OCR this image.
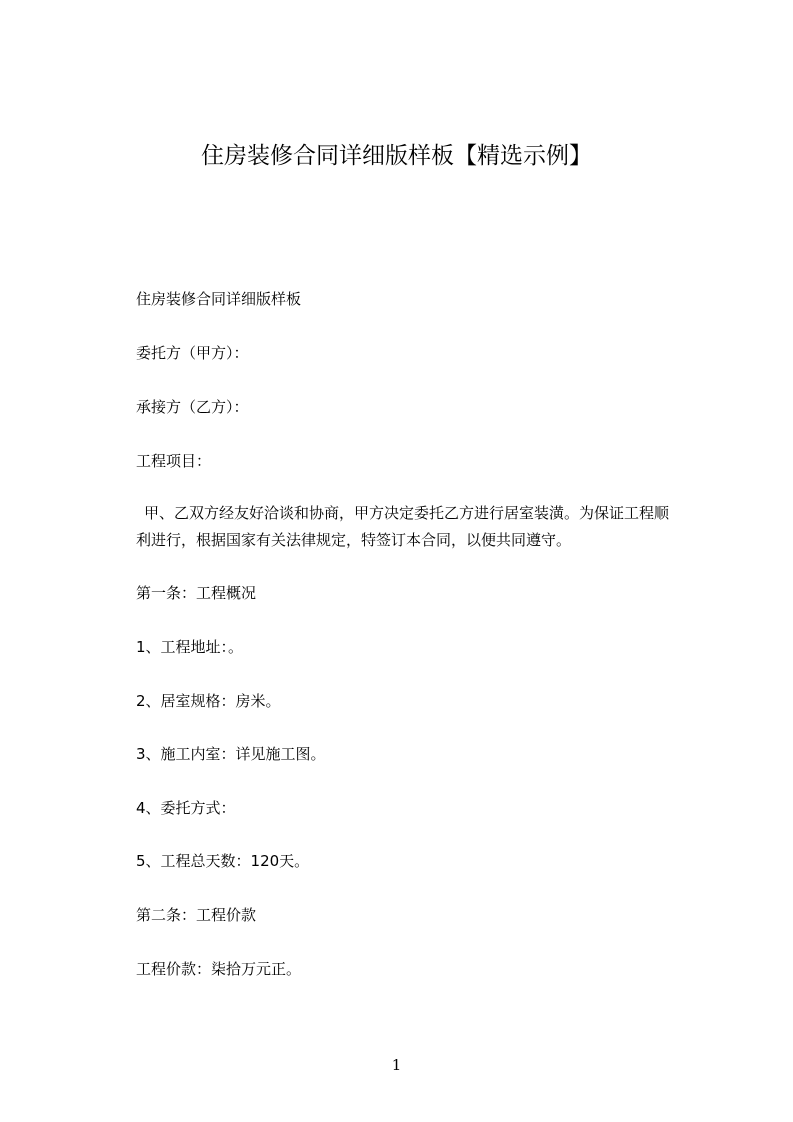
住房装修合同详细版样板【精选示例】
住房装修合同详细版样板
委托方（甲方）：
承接方（乙方）：
工程项目：
甲、乙双方经友好洽谈和协商，甲方决定委托乙方进行居室装潢。为保证工程顺利进行，根据国家有关法律规定，特签订本合同，以便共同遵守。
第一条：工程概况
1、工程地址：。
2、居室规格：房米。
3、施工内室：详见施工图。
4、委托方式：
5、工程总天数：120天。
第二条：工程价款
工程价款：柒拾万元正。
1
